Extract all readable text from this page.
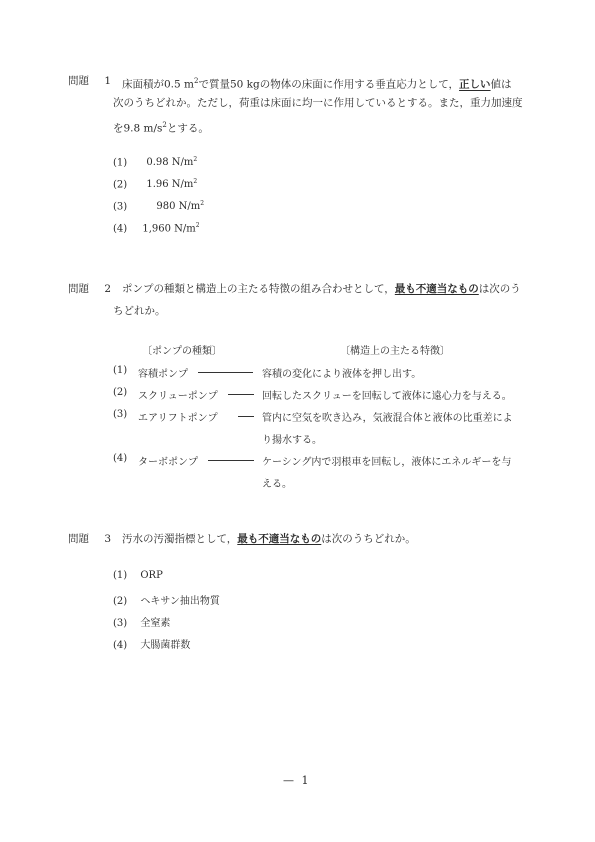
問題 1 床面積が0.5 $m^2$で質量50 kgの物体の床面に作用する垂直応力として，正しい値は
次のうちどれか。ただし，荷重は床面に均一に作用しているとする。また，重力加速度
を9.8 $m/s^2$とする。
(1) 0.98 $N/m^2$
(2) 1.96 $N/m^2$
(3)	980 $N/m^2$
(4) 1,960 $N/m^2$
問題 2 ポンプの種類と構造上の主たる特徴の組み合わせとして，最も不適当なものは次のう
ちどれか。
〔ポンプの種類〕	〔構造上の主たる特徴〕
(1) 容積ポンプ	容積の変化により液体を押し出す。
(2) スクリューポンプ	回転したスクリューを回転して液体に遠心力を与える。
(3) エアリフトポンプ	管内に空気を吹き込み，気液混合体と液体の比重差によ
り揚水する。
(4) ターボポンプ	ケーシング内で羽根車を回転し，液体にエネルギーを与
える。
問題 3 汚水の汚濁指標として，最も不適当なものは次のうちどれか。
(1) ORP
(2) ヘキサン抽出物質
(3) 全窒素
(4) 大腸菌群数
— 1
